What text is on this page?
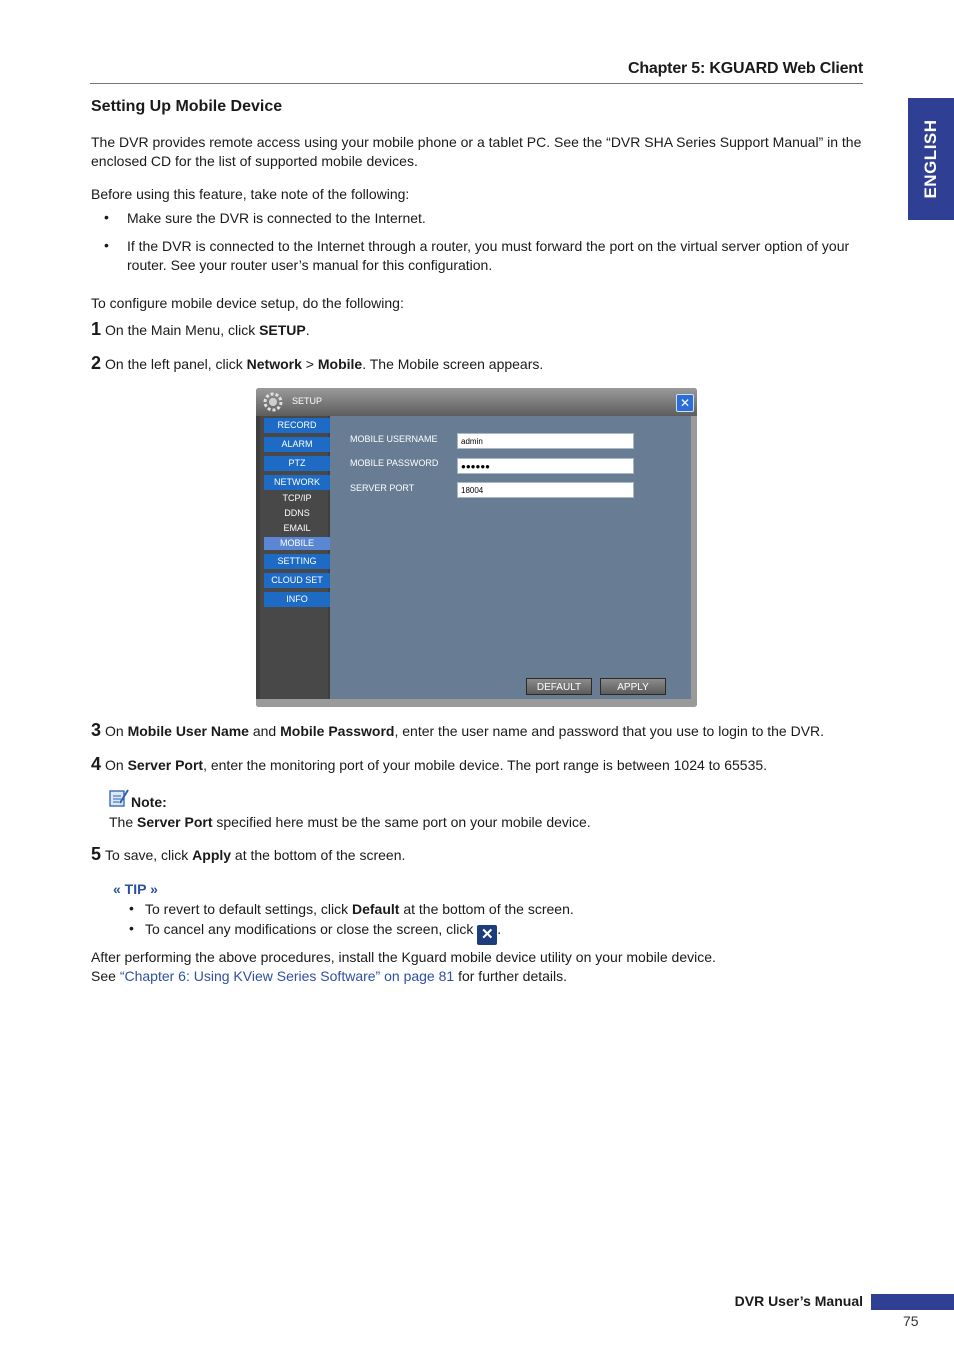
Chapter 5: KGUARD Web Client
ENGLISH
Setting Up Mobile Device
The DVR provides remote access using your mobile phone or a tablet PC. See the “DVR SHA Series Support Manual” in the enclosed CD for the list of supported mobile devices.
Before using this feature, take note of the following:
• Make sure the DVR is connected to the Internet.
• If the DVR is connected to the Internet through a router, you must forward the port on the virtual server option of your router. See your router user’s manual for this configuration.
To configure mobile device setup, do the following:
1 On the Main Menu, click SETUP.
2 On the left panel, click Network > Mobile. The Mobile screen appears.
SETUP	✕
RECORD
ALARM
PTZ
NETWORK
TCP/IP
DDNS
EMAIL
MOBILE
SETTING
CLOUD SET
INFO
MOBILE USERNAME	admin
MOBILE PASSWORD	●●●●●●
SERVER PORT	18004
DEFAULT	APPLY
3 On Mobile User Name and Mobile Password, enter the user name and password that you use to login to the DVR.
4 On Server Port, enter the monitoring port of your mobile device. The port range is between 1024 to 65535.
Note:
The Server Port specified here must be the same port on your mobile device.
5 To save, click Apply at the bottom of the screen.
« TIP »
• To revert to default settings, click Default at the bottom of the screen.
• To cancel any modifications or close the screen, click ✕ .
After performing the above procedures, install the Kguard mobile device utility on your mobile device.
See “Chapter 6: Using KView Series Software” on page 81 for further details.
DVR User’s Manual
75
